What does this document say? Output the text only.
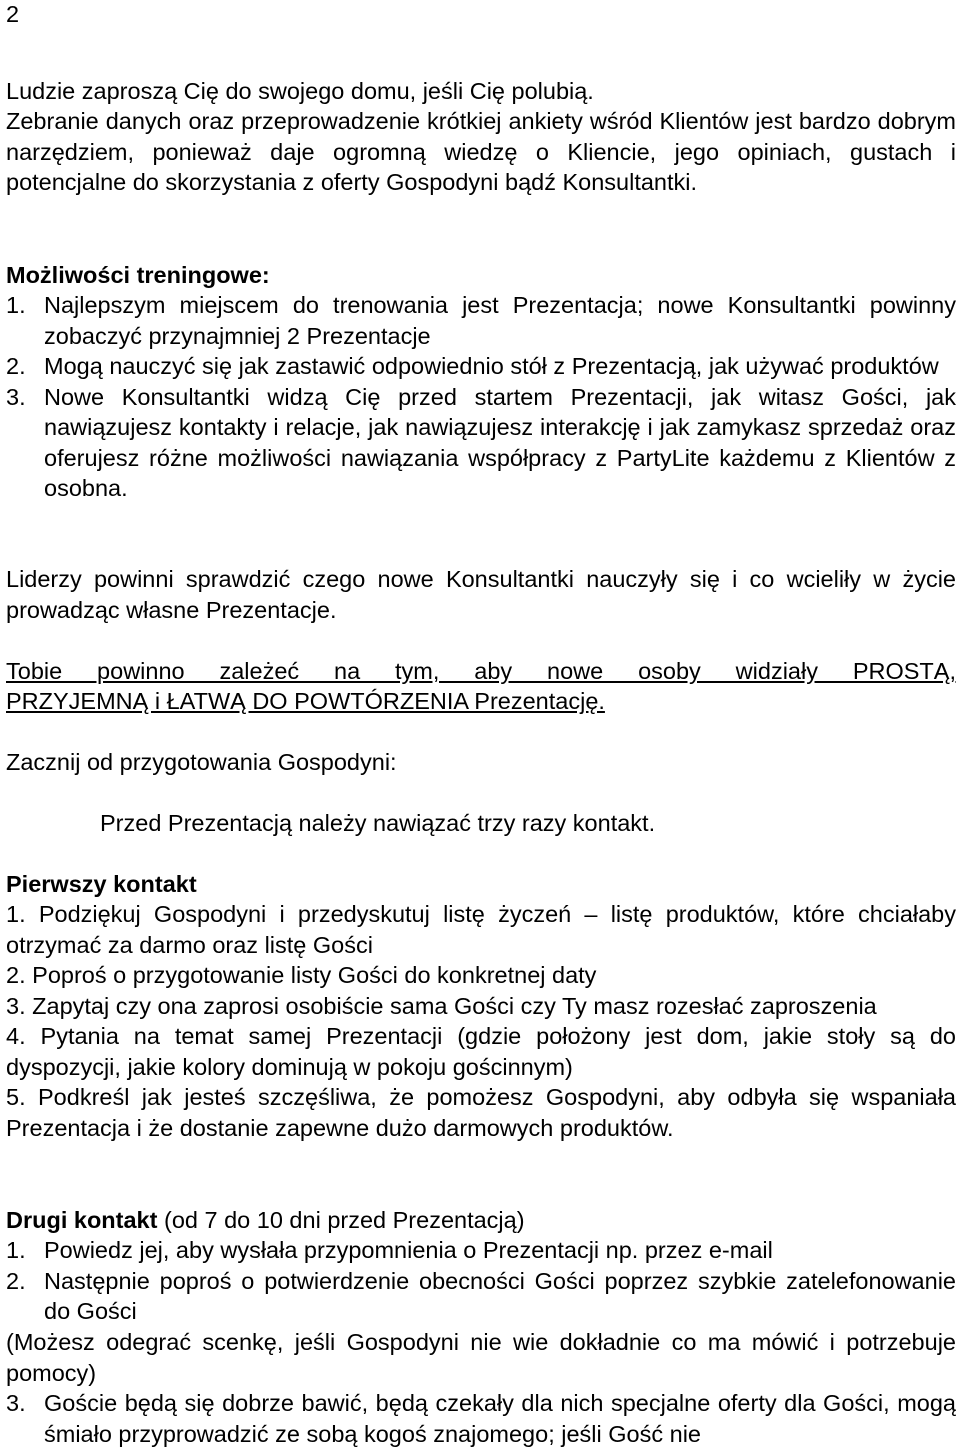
2

Ludzie zaproszą Cię do swojego domu, jeśli Cię polubią.

Zebranie danych oraz przeprowadzenie krótkiej ankiety wśród Klientów jest bardzo dobrym narzędziem, ponieważ daje ogromną wiedzę o Kliencie, jego opiniach, gustach i potencjalne do skorzystania z oferty Gospodyni bądź Konsultantki.

Możliwości treningowe:

1. Najlepszym miejscem do trenowania jest Prezentacja; nowe Konsultantki powinny zobaczyć przynajmniej 2 Prezentacje
2. Mogą nauczyć się jak zastawić odpowiednio stół z Prezentacją, jak używać produktów
3. Nowe Konsultantki widzą Cię przed startem Prezentacji, jak witasz Gości, jak nawiązujesz kontakty i relacje, jak nawiązujesz interakcję i jak zamykasz sprzedaż oraz oferujesz różne możliwości nawiązania współpracy z PartyLite każdemu z Klientów z osobna.

Liderzy powinni sprawdzić czego nowe Konsultantki nauczyły się i co wcieliły w życie prowadząc własne Prezentacje.

Tobie powinno zależeć na tym, aby nowe osoby widziały PROSTĄ,

PRZYJEMNĄ i ŁATWĄ DO POWTÓRZENIA Prezentację.

Zacznij od przygotowania Gospodyni:

Przed Prezentacją należy nawiązać trzy razy kontakt.

Pierwszy kontakt

1. Podziękuj Gospodyni i przedyskutuj listę życzeń – listę produktów, które chciałaby otrzymać za darmo oraz listę Gości

2. Poproś o przygotowanie listy Gości do konkretnej daty

3. Zapytaj czy ona zaprosi osobiście sama Gości czy Ty masz rozesłać zaproszenia

4. Pytania na temat samej Prezentacji (gdzie położony jest dom, jakie stoły są do dyspozycji, jakie kolory dominują w pokoju gościnnym)

5. Podkreśl jak jesteś szczęśliwa, że pomożesz Gospodyni, aby odbyła się wspaniała Prezentacja i że dostanie zapewne dużo darmowych produktów.

Drugi kontakt (od 7 do 10 dni przed Prezentacją)

1. Powiedz jej, aby wysłała przypomnienia o Prezentacji np. przez e-mail
2. Następnie poproś o potwierdzenie obecności Gości poprzez szybkie zatelefonowanie do Gości

(Możesz odegrać scenkę, jeśli Gospodyni nie wie dokładnie co ma mówić i potrzebuje pomocy)

3. Goście będą się dobrze bawić, będą czekały dla nich specjalne oferty dla Gości, mogą śmiało przyprowadzić ze sobą kogoś znajomego; jeśli Gość nie
